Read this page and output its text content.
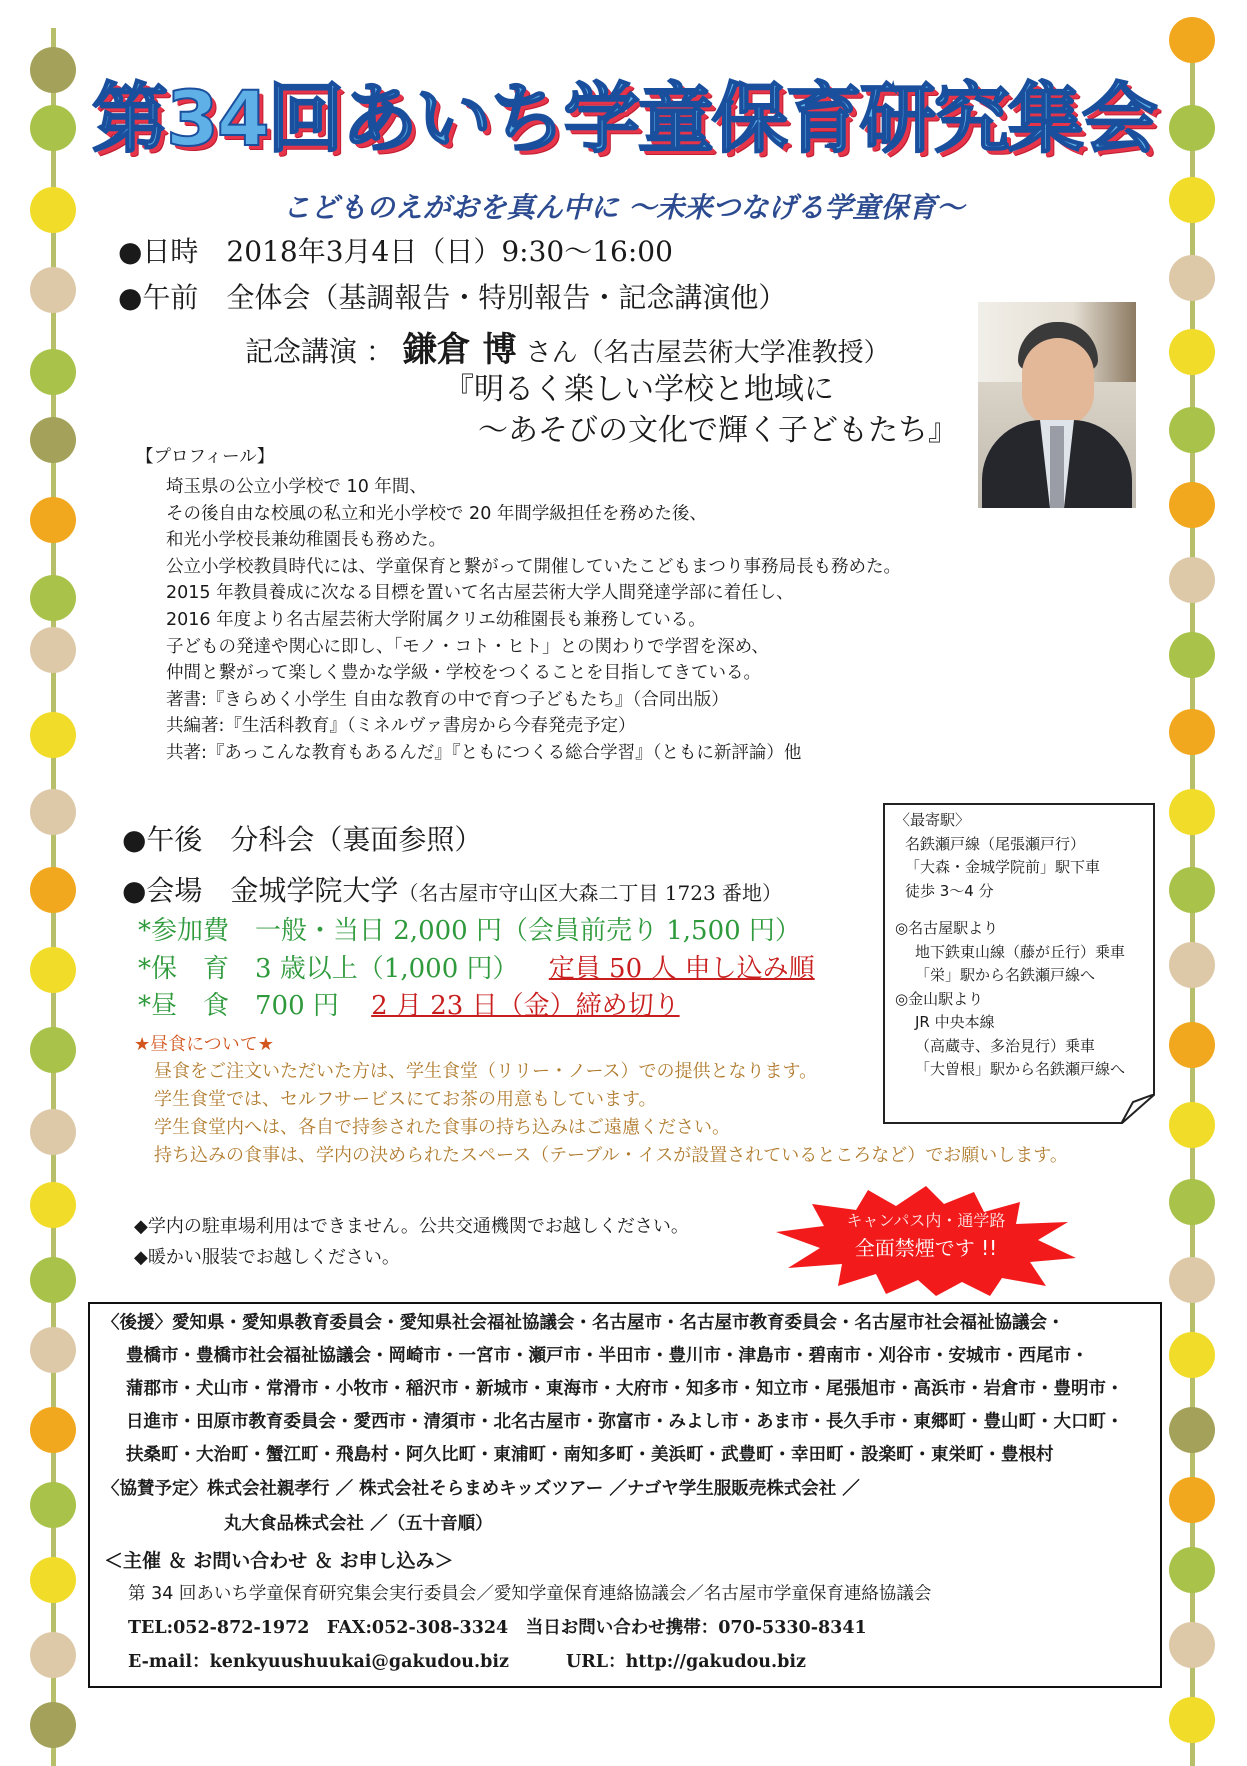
第34回あいち学童保育研究集会
こどものえがおを真ん中に 〜未来つなげる学童保育〜
●日時　2018年3月4日（日）9:30〜16:00
●午前　全体会（基調報告・特別報告・記念講演他）
記念講演 ： 鎌倉 博 さん（名古屋芸術大学准教授）
『明るく楽しい学校と地域に
〜あそびの文化で輝く子どもたち』
【プロフィール】
埼玉県の公立小学校で 10 年間、
その後自由な校風の私立和光小学校で 20 年間学級担任を務めた後、
和光小学校長兼幼稚園長も務めた。
公立小学校教員時代には、学童保育と繋がって開催していたこどもまつり事務局長も務めた。
2015 年教員養成に次なる目標を置いて名古屋芸術大学人間発達学部に着任し、
2016 年度より名古屋芸術大学附属クリエ幼稚園長も兼務している。
子どもの発達や関心に即し、「モノ・コト・ヒト」との関わりで学習を深め、
仲間と繋がって楽しく豊かな学級・学校をつくることを目指してきている。
著書:『きらめく小学生 自由な教育の中で育つ子どもたち』（合同出版）
共編著:『生活科教育』（ミネルヴァ書房から今春発売予定）
共著:『あっこんな教育もあるんだ』『ともにつくる総合学習』（ともに新評論）他
●午後　分科会（裏面参照）
●会場　金城学院大学（名古屋市守山区大森二丁目 1723 番地）
*参加費　一般・当日 2,000 円（会員前売り 1,500 円）
*保　育　3 歳以上（1,000 円） 定員 50 人 申し込み順
*昼　食　700 円 2 月 23 日（金）締め切り
★昼食について★
昼食をご注文いただいた方は、学生食堂（リリー・ノース）での提供となります。
学生食堂では、セルフサービスにてお茶の用意もしています。
学生食堂内へは、各自で持参された食事の持ち込みはご遠慮ください。
持ち込みの食事は、学内の決められたスペース（テーブル・イスが設置されているところなど）でお願いします。
◆学内の駐車場利用はできません。公共交通機関でお越しください。
◆暖かい服装でお越しください。
キャンパス内・通学路
全面禁煙です !!
〈最寄駅〉
名鉄瀬戸線（尾張瀬戸行）
「大森・金城学院前」駅下車
徒歩 3〜4 分
◎名古屋駅より
地下鉄東山線（藤が丘行）乗車
「栄」駅から名鉄瀬戸線へ
◎金山駅より
JR 中央本線
（高蔵寺、多治見行）乗車
「大曽根」駅から名鉄瀬戸線へ
〈後援〉愛知県・愛知県教育委員会・愛知県社会福祉協議会・名古屋市・名古屋市教育委員会・名古屋市社会福祉協議会・
豊橋市・豊橋市社会福祉協議会・岡崎市・一宮市・瀬戸市・半田市・豊川市・津島市・碧南市・刈谷市・安城市・西尾市・
蒲郡市・犬山市・常滑市・小牧市・稲沢市・新城市・東海市・大府市・知多市・知立市・尾張旭市・高浜市・岩倉市・豊明市・
日進市・田原市教育委員会・愛西市・清須市・北名古屋市・弥富市・みよし市・あま市・長久手市・東郷町・豊山町・大口町・
扶桑町・大治町・蟹江町・飛島村・阿久比町・東浦町・南知多町・美浜町・武豊町・幸田町・設楽町・東栄町・豊根村
〈協賛予定〉株式会社親孝行 ／ 株式会社そらまめキッズツアー ／ナゴヤ学生服販売株式会社 ／
丸大食品株式会社 ／（五十音順）
＜主催 ＆ お問い合わせ ＆ お申し込み＞
第 34 回あいち学童保育研究集会実行委員会／愛知学童保育連絡協議会／名古屋市学童保育連絡協議会
TEL:052-872-1972　FAX:052-308-3324　当日お問い合わせ携帯：070-5330-8341
E-mail：kenkyuushuukai@gakudou.biz	URL：http://gakudou.biz
